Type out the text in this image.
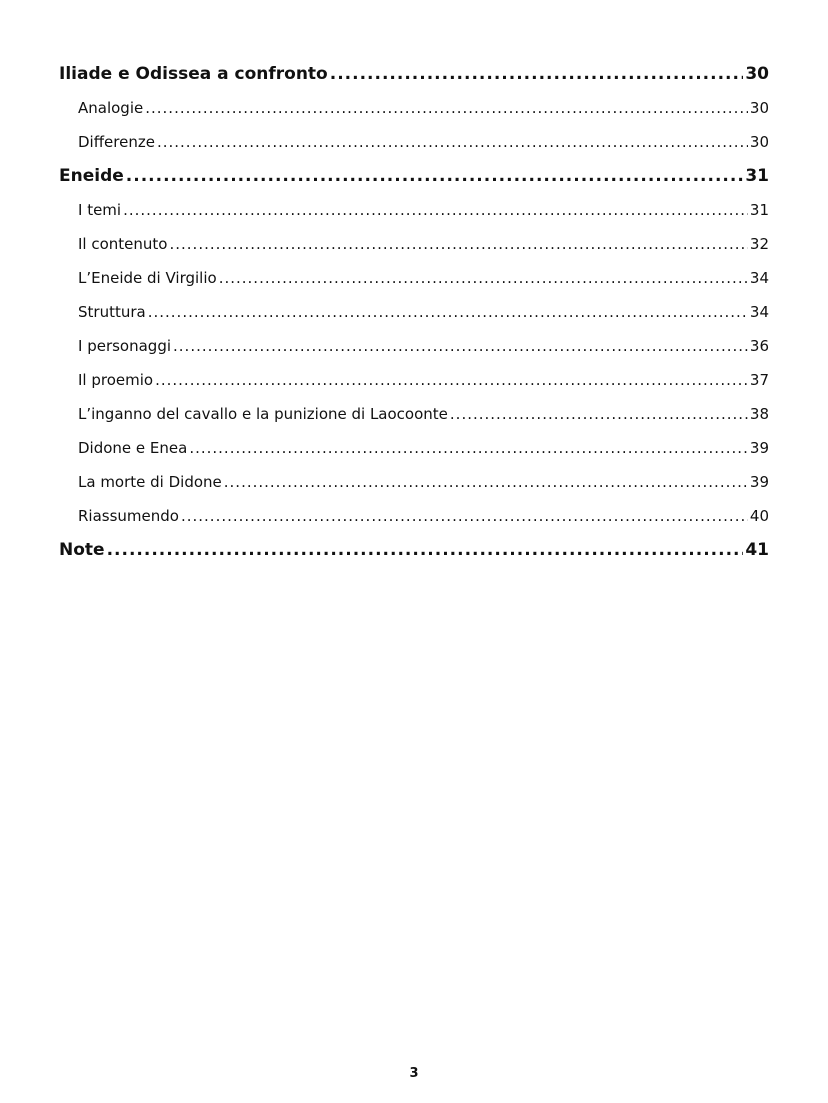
Iliade e Odissea a confronto .....	30
Analogie .....	30
Differenze .....	30
Eneide .....	31
I temi .....	31
Il contenuto .....	32
L’Eneide di Virgilio .....	34
Struttura .....	34
I personaggi .....	36
Il proemio .....	37
L’inganno del cavallo e la punizione di Laocoonte .....	38
Didone e Enea .....	39
La morte di Didone .....	39
Riassumendo .....	40
Note .....	41
3
